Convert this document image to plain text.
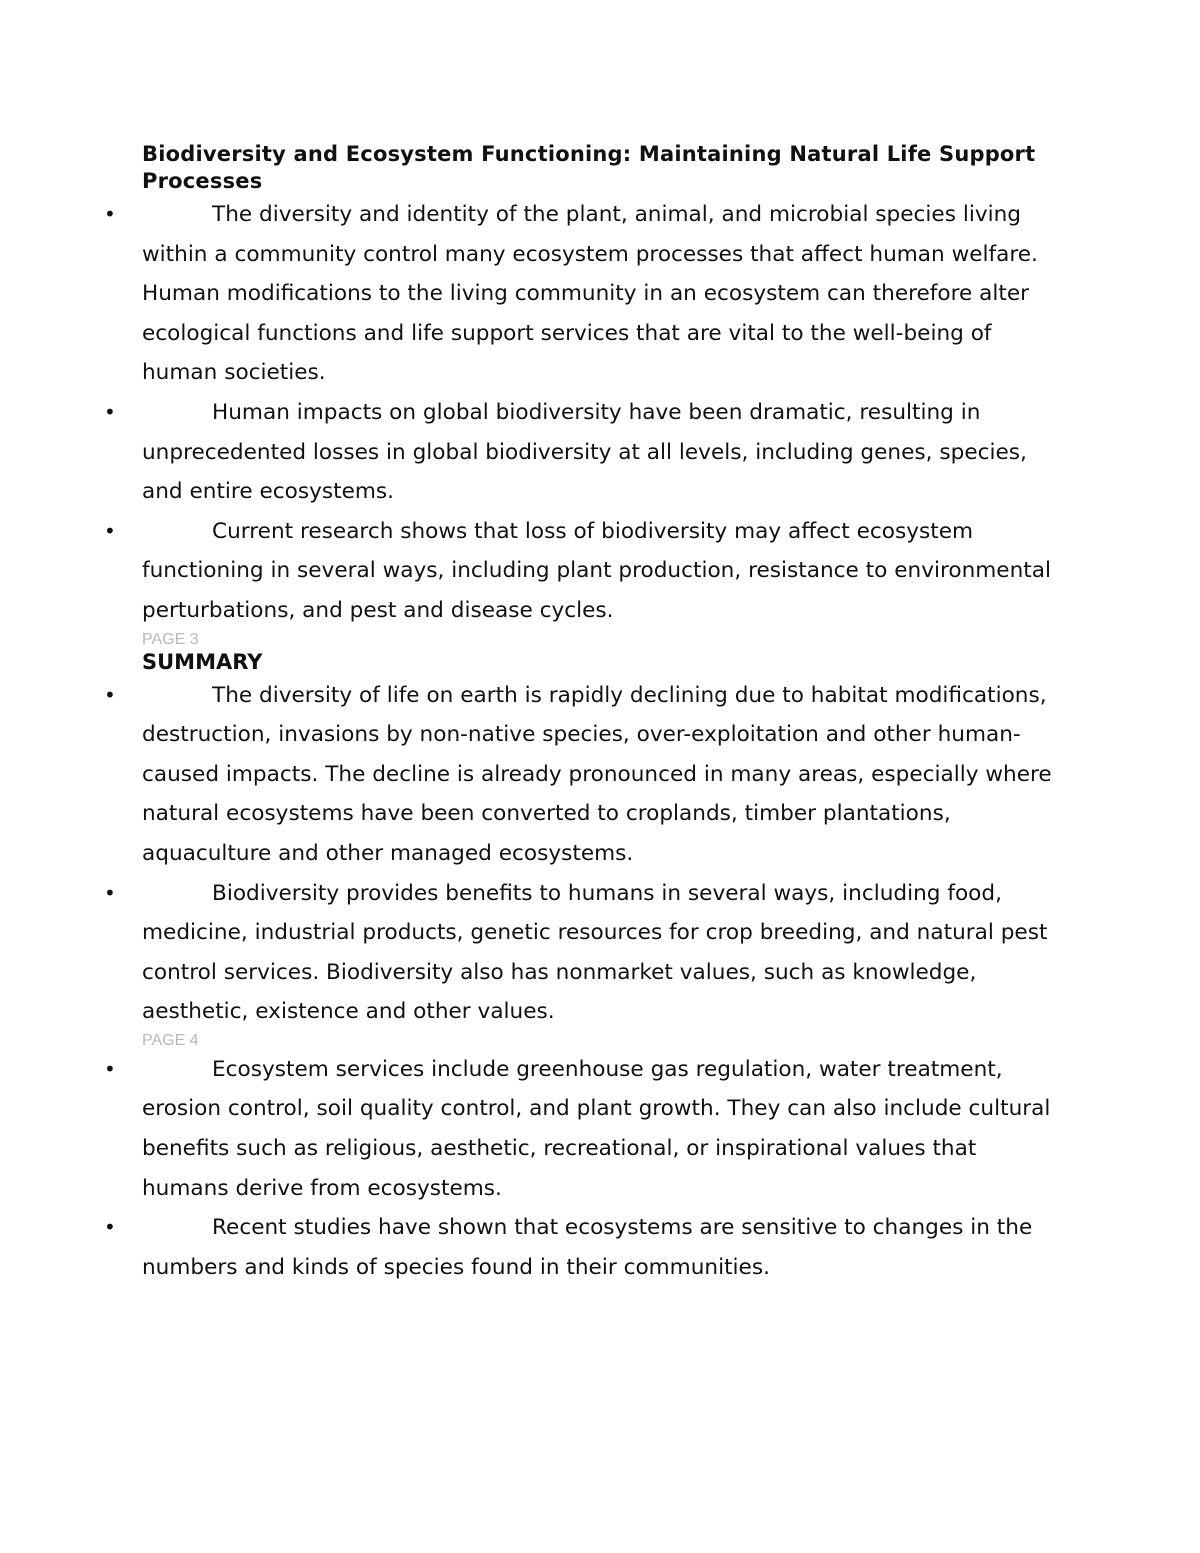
Biodiversity and Ecosystem Functioning: Maintaining Natural Life Support Processes
•	The diversity and identity of the plant, animal, and microbial species living within a community control many ecosystem processes that affect human welfare. Human modifications to the living community in an ecosystem can therefore alter ecological functions and life support services that are vital to the well-being of human societies.
•	Human impacts on global biodiversity have been dramatic, resulting in unprecedented losses in global biodiversity at all levels, including genes, species, and entire ecosystems.
•	Current research shows that loss of biodiversity may affect ecosystem functioning in several ways, including plant production, resistance to environmental perturbations, and pest and disease cycles.

PAGE 3

SUMMARY
•	The diversity of life on earth is rapidly declining due to habitat modifications, destruction, invasions by non-native species, over-exploitation and other human-caused impacts. The decline is already pronounced in many areas, especially where natural ecosystems have been converted to croplands, timber plantations, aquaculture and other managed ecosystems.
•	Biodiversity provides benefits to humans in several ways, including food, medicine, industrial products, genetic resources for crop breeding, and natural pest control services. Biodiversity also has nonmarket values, such as knowledge, aesthetic, existence and other values.

PAGE 4

•	Ecosystem services include greenhouse gas regulation, water treatment, erosion control, soil quality control, and plant growth. They can also include cultural benefits such as religious, aesthetic, recreational, or inspirational values that humans derive from ecosystems.
•	Recent studies have shown that ecosystems are sensitive to changes in the numbers and kinds of species found in their communities.
